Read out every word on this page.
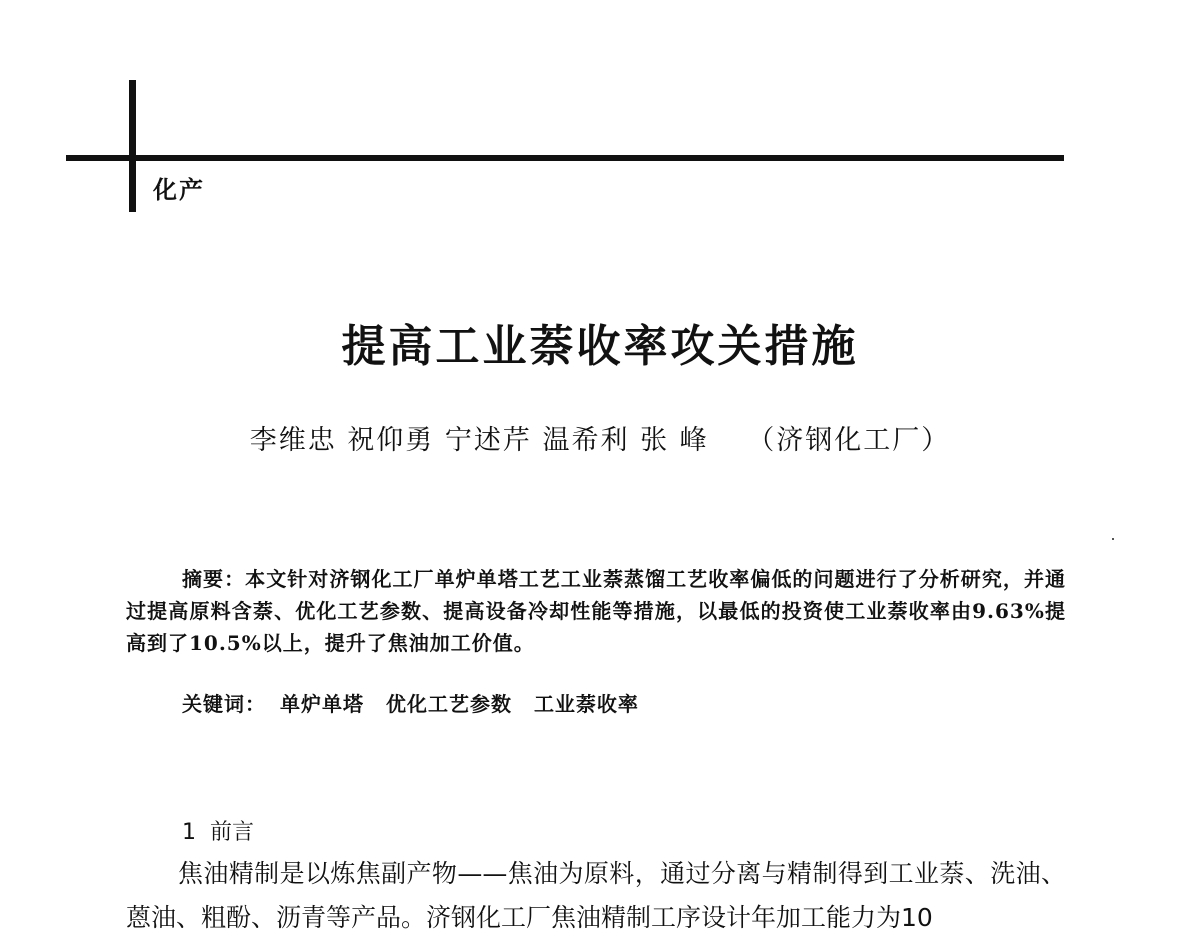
化产
提高工业萘收率攻关措施
李维忠 祝仰勇 宁述芹 温希利 张 峰 （济钢化工厂）
摘要：本文针对济钢化工厂单炉单塔工艺工业萘蒸馏工艺收率偏低的问题进行了分析研究，并通过提高原料含萘、优化工艺参数、提高设备冷却性能等措施，以最低的投资使工业萘收率由9.63%提高到了10.5%以上，提升了焦油加工价值。
关键词： 单炉单塔 优化工艺参数 工业萘收率
1 前言
焦油精制是以炼焦副产物——焦油为原料，通过分离与精制得到工业萘、洗油、蒽油、粗酚、沥青等产品。济钢化工厂焦油精制工序设计年加工能力为10
